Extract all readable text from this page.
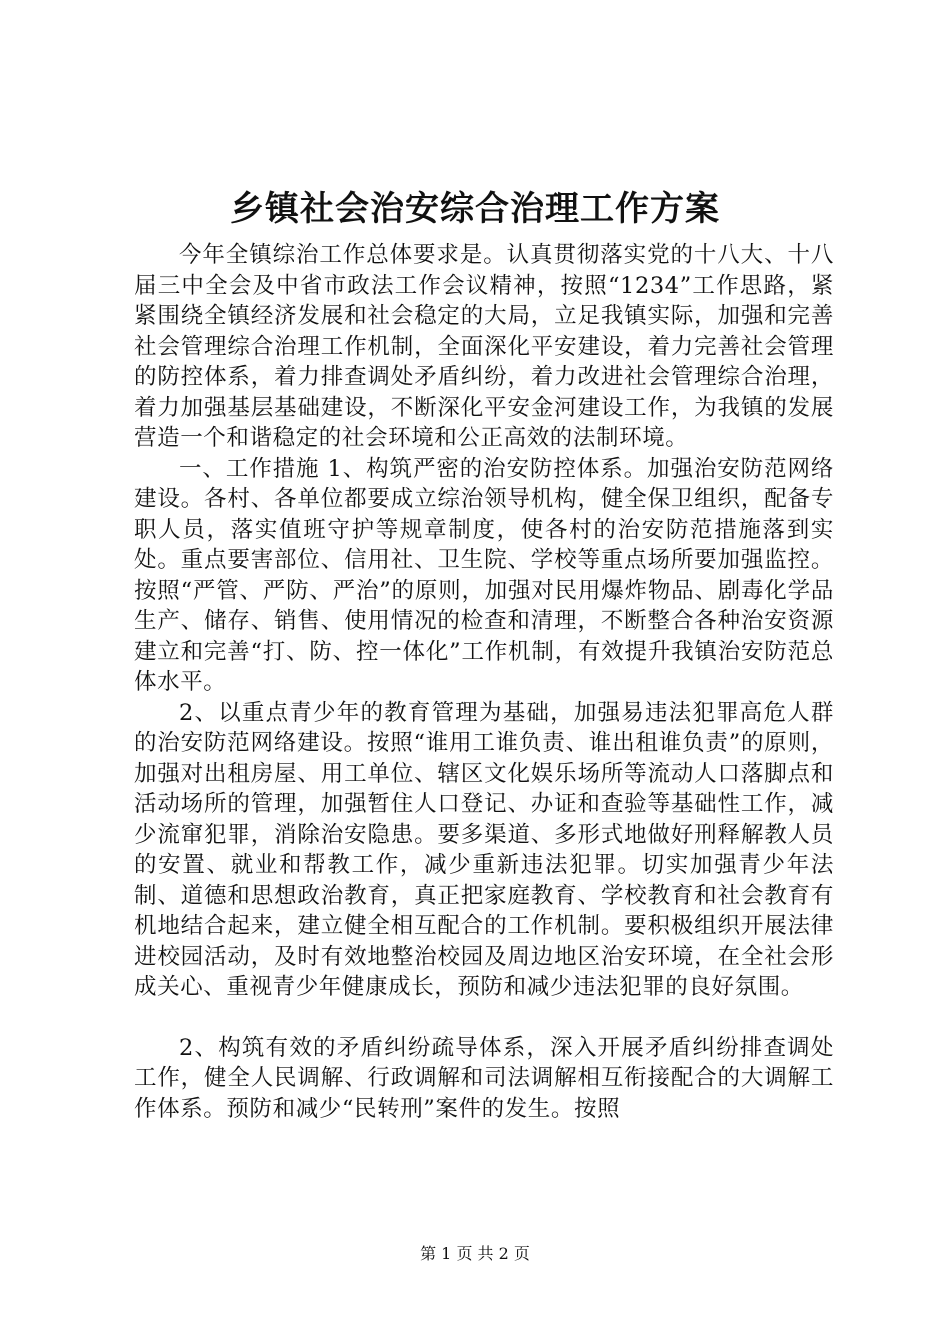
乡镇社会治安综合治理工作方案

今年全镇综治工作总体要求是。认真贯彻落实党的十八大、十八届三中全会及中省市政法工作会议精神，按照“1234”工作思路，紧紧围绕全镇经济发展和社会稳定的大局，立足我镇实际，加强和完善社会管理综合治理工作机制，全面深化平安建设，着力完善社会管理的防控体系，着力排查调处矛盾纠纷，着力改进社会管理综合治理，着力加强基层基础建设，不断深化平安金河建设工作，为我镇的发展营造一个和谐稳定的社会环境和公正高效的法制环境。

一、工作措施 1、构筑严密的治安防控体系。加强治安防范网络建设。各村、各单位都要成立综治领导机构，健全保卫组织，配备专职人员，落实值班守护等规章制度，使各村的治安防范措施落到实处。重点要害部位、信用社、卫生院、学校等重点场所要加强监控。按照“严管、严防、严治”的原则，加强对民用爆炸物品、剧毒化学品生产、储存、销售、使用情况的检查和清理，不断整合各种治安资源建立和完善“打、防、控一体化”工作机制，有效提升我镇治安防范总体水平。

2、以重点青少年的教育管理为基础，加强易违法犯罪高危人群的治安防范网络建设。按照“谁用工谁负责、谁出租谁负责”的原则，加强对出租房屋、用工单位、辖区文化娱乐场所等流动人口落脚点和活动场所的管理，加强暂住人口登记、办证和查验等基础性工作，减少流窜犯罪，消除治安隐患。要多渠道、多形式地做好刑释解教人员的安置、就业和帮教工作，减少重新违法犯罪。切实加强青少年法制、道德和思想政治教育，真正把家庭教育、学校教育和社会教育有机地结合起来，建立健全相互配合的工作机制。要积极组织开展法律进校园活动，及时有效地整治校园及周边地区治安环境，在全社会形成关心、重视青少年健康成长，预防和减少违法犯罪的良好氛围。

2、构筑有效的矛盾纠纷疏导体系，深入开展矛盾纠纷排查调处工作，健全人民调解、行政调解和司法调解相互衔接配合的大调解工作体系。预防和减少“民转刑”案件的发生。按照

第 1 页 共 2 页
